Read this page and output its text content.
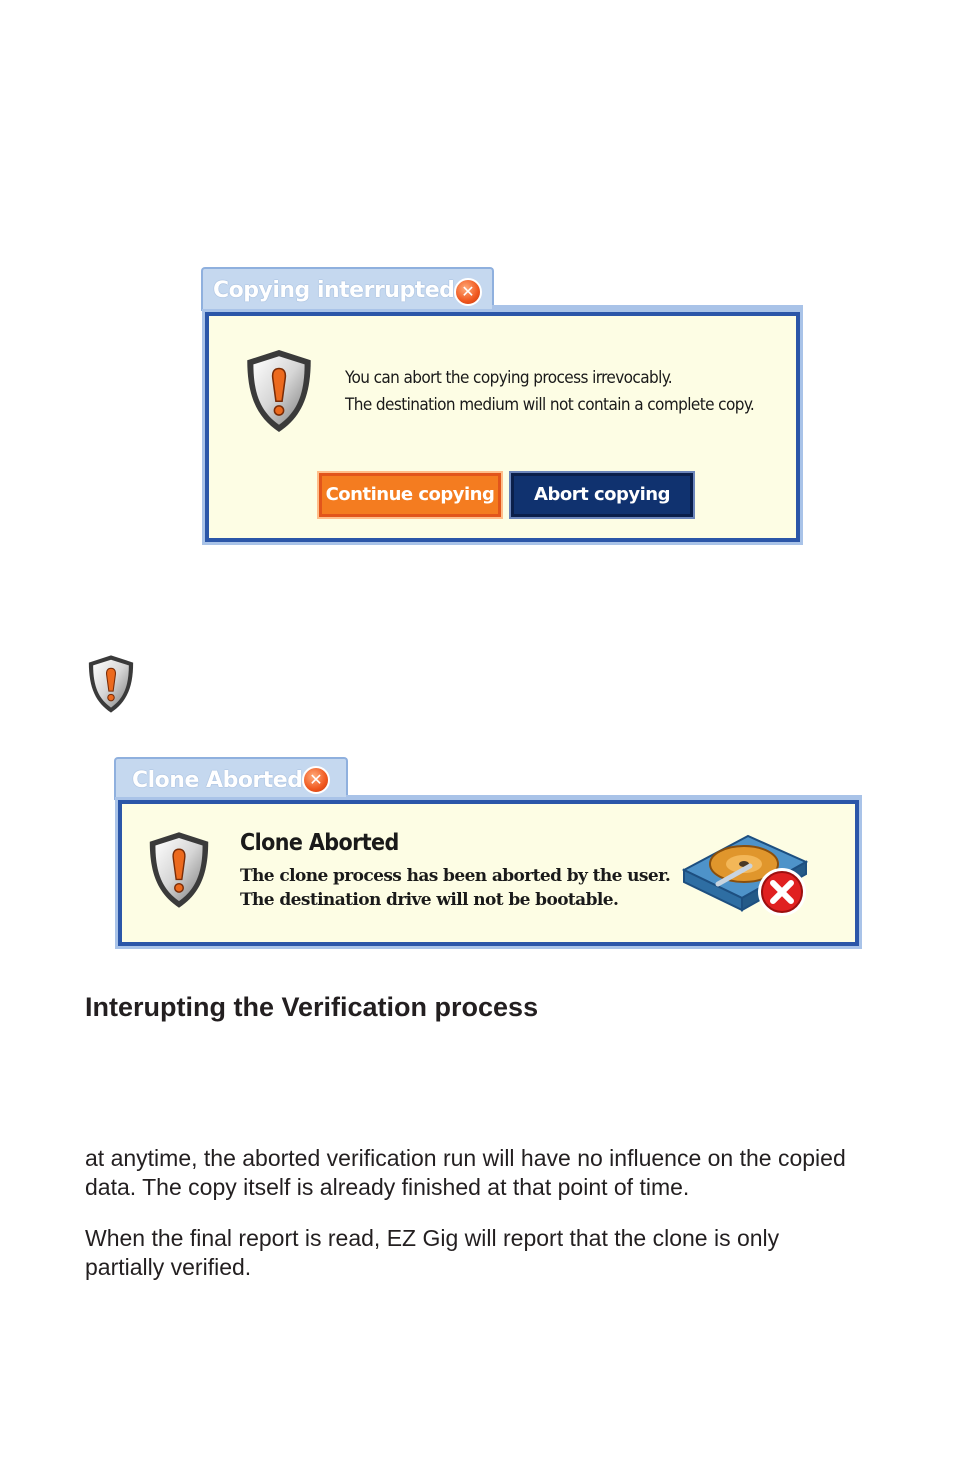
Copying interrupted ✕
You can abort the copying process irrevocably.
The destination medium will not contain a complete copy.
Continue copying	Abort copying
Clone Aborted ✕
Clone Aborted
The clone process has been aborted by the user.
The destination drive will not be bootable.
Interupting the Verification process
at anytime, the aborted verification run will have no influence on the copied
data. The copy itself is already finished at that point of time.
When the final report is read, EZ Gig will report that the clone is only
partially verified.
